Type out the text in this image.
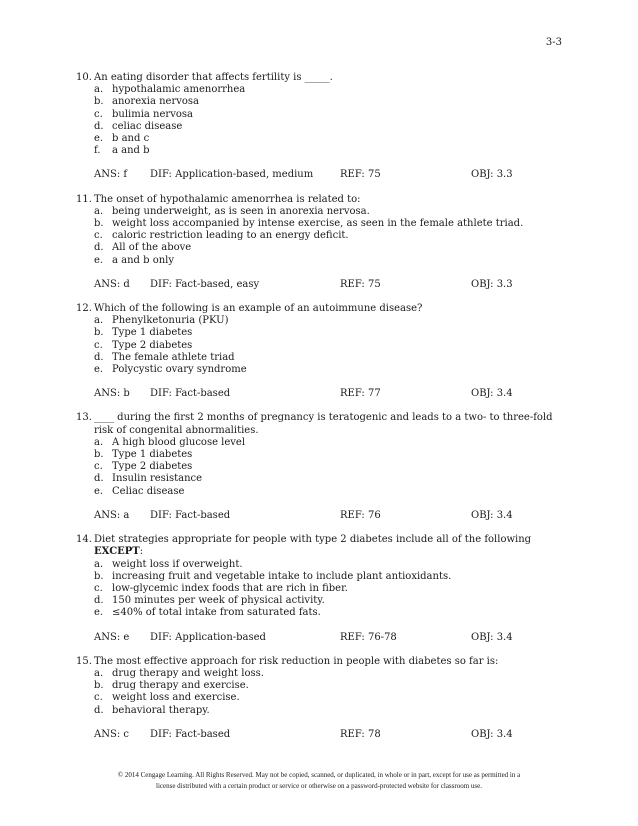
3-3
10. An eating disorder that affects fertility is _____.
a. hypothalamic amenorrhea
b. anorexia nervosa
c. bulimia nervosa
d. celiac disease
e. b and c
f.	a and b
ANS: f	DIF: Application-based, medium	REF: 75	OBJ: 3.3
11. The onset of hypothalamic amenorrhea is related to:
a. being underweight, as is seen in anorexia nervosa.
b. weight loss accompanied by intense exercise, as seen in the female athlete triad.
c. caloric restriction leading to an energy deficit.
d. All of the above
e. a and b only
ANS: d	DIF: Fact-based, easy	REF: 75	OBJ: 3.3
12. Which of the following is an example of an autoimmune disease?
a. Phenylketonuria (PKU)
b. Type 1 diabetes
c. Type 2 diabetes
d. The female athlete triad
e. Polycystic ovary syndrome
ANS: b	DIF: Fact-based	REF: 77	OBJ: 3.4
13. ____ during the first 2 months of pregnancy is teratogenic and leads to a two- to three-fold risk of congenital abnormalities.
a. A high blood glucose level
b. Type 1 diabetes
c. Type 2 diabetes
d. Insulin resistance
e. Celiac disease
ANS: a	DIF: Fact-based	REF: 76	OBJ: 3.4
14. Diet strategies appropriate for people with type 2 diabetes include all of the following
EXCEPT:
a. weight loss if overweight.
b. increasing fruit and vegetable intake to include plant antioxidants.
c. low-glycemic index foods that are rich in fiber.
d. 150 minutes per week of physical activity.
e. ≤40% of total intake from saturated fats.
ANS: e	DIF: Application-based	REF: 76-78	OBJ: 3.4
15. The most effective approach for risk reduction in people with diabetes so far is:
a. drug therapy and weight loss.
b. drug therapy and exercise.
c. weight loss and exercise.
d. behavioral therapy.
ANS: c	DIF: Fact-based	REF: 78	OBJ: 3.4
© 2014 Cengage Learning. All Rights Reserved. May not be copied, scanned, or duplicated, in whole or in part, except for use as permitted in a
license distributed with a certain product or service or otherwise on a password-protected website for classroom use.
